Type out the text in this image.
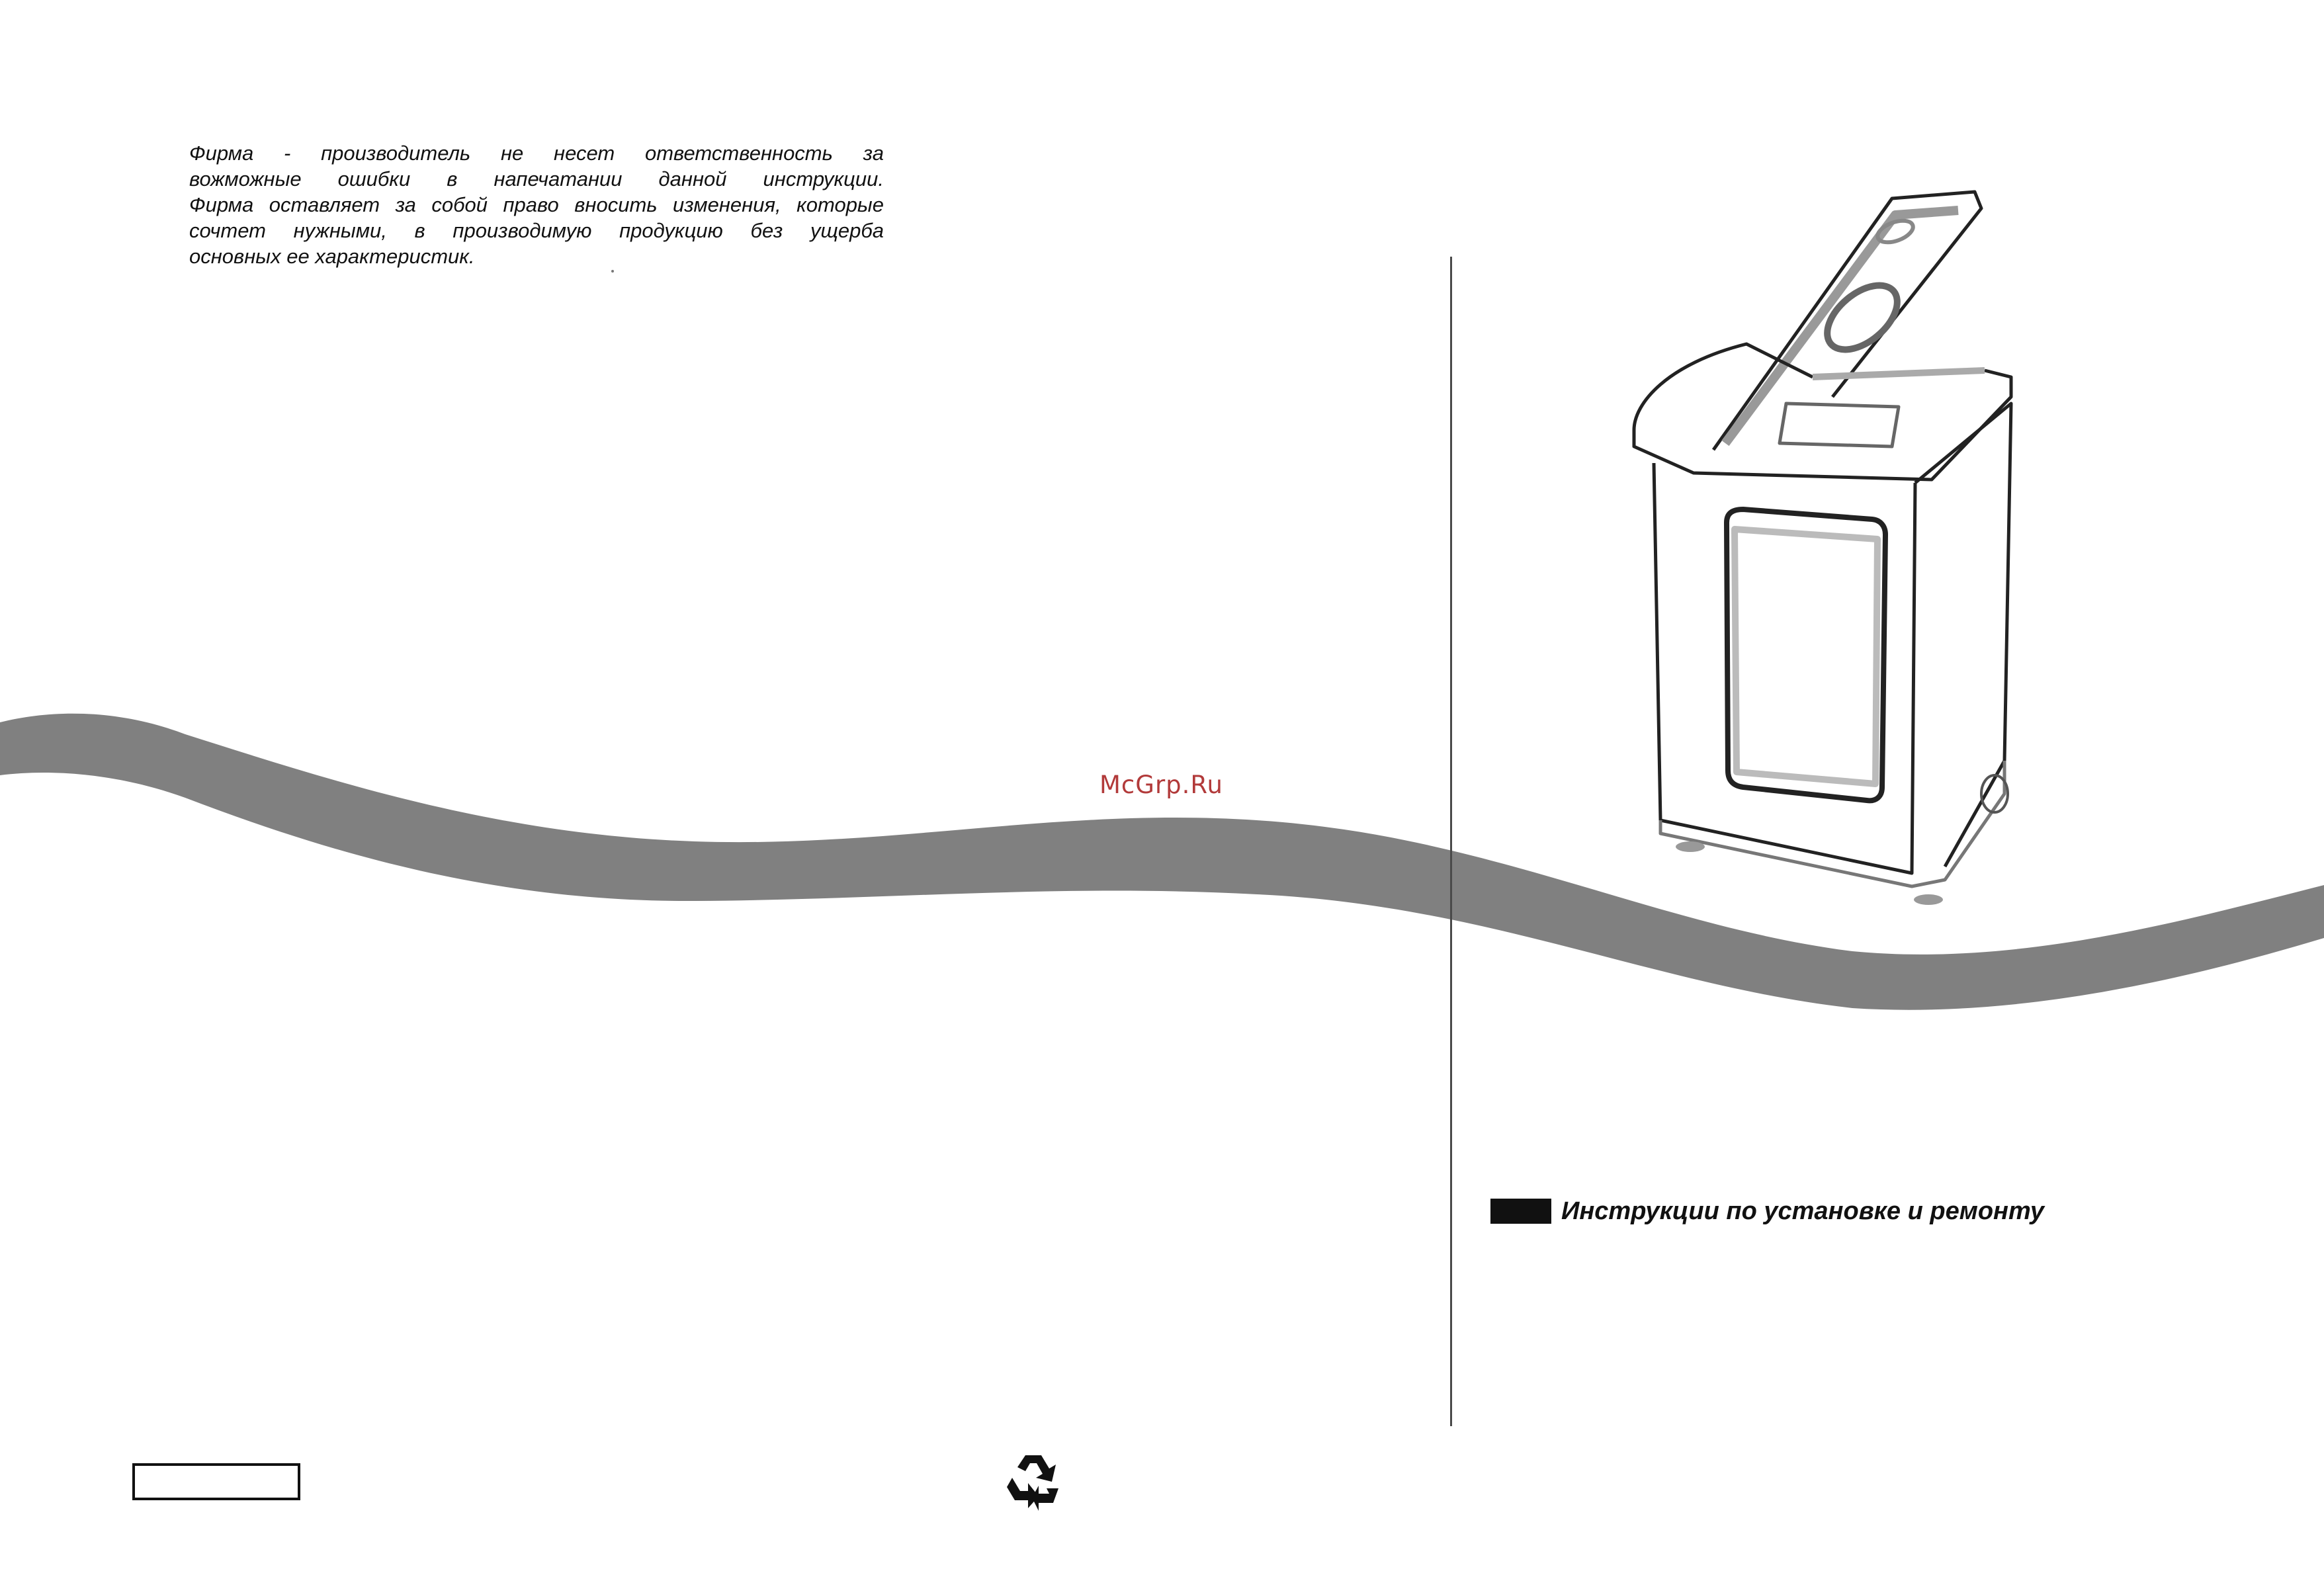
Фирма - производитель не несет ответственность за
вожможные ошибки в напечатании данной инструкции.
Фирма оставляет за собой право вносить изменения, которые
сочтет нужными, в производимую продукцию без ущерба
основных ее характеристик.
McGrp.Ru
Инструкции по установке и ремонту
